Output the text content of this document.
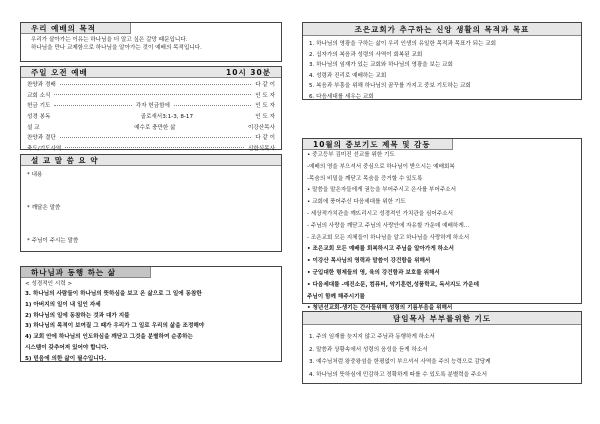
우리 예배의 목적
우리가 살아가는 이유는 하나님을 더 알고 싶은 갈망 때문입니다.
하나님을 만나 교제함으로 하나님을 알아가는 것이 예배의 목적입니다.
주일 오전 예배	10시 30분
찬양과 경배	다 같 이
교회 소식	인 도 자
헌금 기도	각자 헌금함에	인 도 자
성경 봉독	골로새서3:1-3, 8-17	인 도 자
설 교	예수로 충만한 삶	이강산목사
찬양과 결단	다 같 이
축도/기도사역	신한식목사
설 교 말 씀 요 약
* 내용
* 깨달은 말씀
* 주님이 주시는 말씀
하나님과 동행 하는 삶
< 성경적인 시력 >
3. 하나님의 사람들이 하나님의 뜻하심을 보고 온 삶으로 그 일에 동참한
1) 아버지의 일이 내 일인 자세
2) 하나님의 일에 동참하는 것과 대가 지불
3) 하나님의 목적이 보여질 그 때가 우리가 그 일로 우리의 삶을 조정해야
4) 교회 안에 하나님의 인도하심을 깨닫고 그것을 분별하여 순종하는
시스템이 갖추어져 있어야 합니다.
5) 믿음에 의한 삶이 필수입니다.
조은교회가 추구하는 신앙 생활의 목적과 목표
1. 하나님의 영광을 구하는 삶이 우리 인생의 유일한 목적과 목표가 되는 교회
2. 십자가의 복음과 성령의 사역이 회복된 교회
3. 하나님의 임재가 있는 교회와 하나님의 영광을 보는 교회
4. 성령과 진리로 예배하는 교회
5. 복음과 부흥을 위해 하나님의 꿈꾸를 가지고 중보 기도하는 교회
6. 다음세대를 세우는 교회
10월의 중보기도 제목 및 감동
• 중고등부 김미진 선교를 위한 기도
-예배의 영을 부으셔서 중심으로 하나님이 받으시는 예배회복
-목숨의 비밀을 깨닫고 목숨을 증거할 수 있도록
• 말씀을 맡은자들에게 권능을 부어주시고 은사를 부어주소서
• 교회에 풍어주신 다음세대를 위한 기도
- 세상적가치관을 깨뜨리시고 성경적인 가치관을 심어주소서
- 주님의 사랑을 깨닫고 주님의 사랑안에 자유할 가운데 예배하게…
- 조은교회 모든 지체들이 하나님을 알고 하나님을 사랑하게 하소서
• 조은교회 모든 예배를 회복하시고 주님을 알아가게 하소서
• 이강산 목사님의 영력과 말씀이 강건함을 위해서
• 군입대한 형제들의 영, 육의 강건함과 보호를 위해서
• 다음세대를 -예진소문, 컴퓨터, 악기훈련,성품학교, 독서지도 가운데
주님이 함께 해주시기를
• 청년선교회-생기는 간사들위해 성령의 기름부음을 위해서
담임목사 부부를위한 기도
1. 주의 임재를 늦지지 않고 주님과 동행하게 하소서
2. 말씀과 상황속에서 성령의 음성을 듣게 하소서
3. 예수님처럼 왕중왕섬을 한평없이 부으셔서 사역을 주의 능력으로 감당케
4. 하나님의 뜻하심에 민감하고 정확하게 따를 수 있도록 분별력을 주소서
